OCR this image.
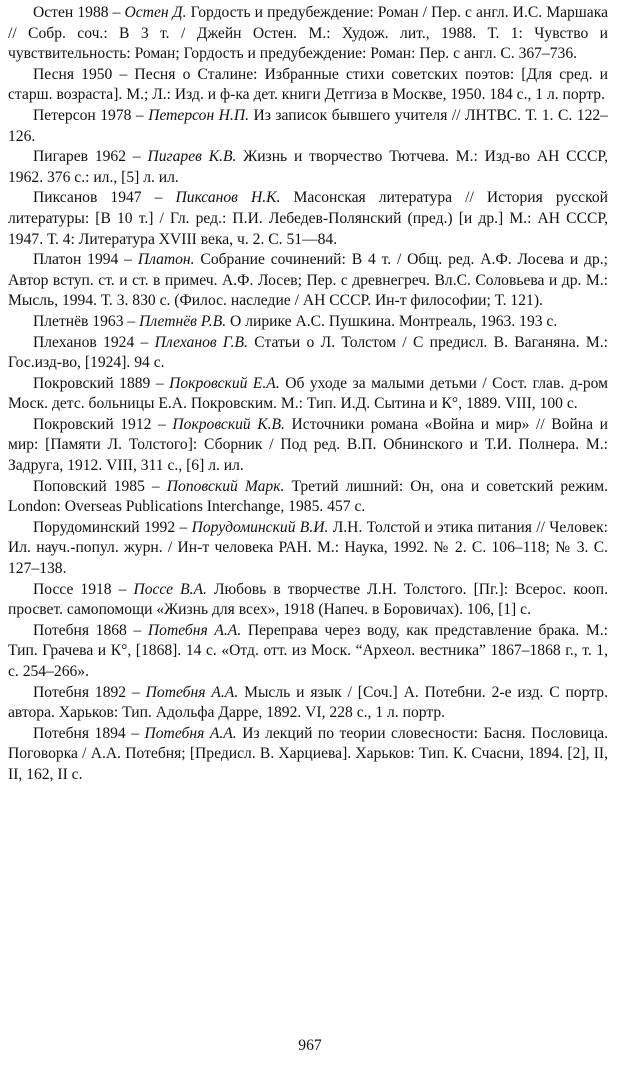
Остен 1988 – Остен Д. Гордость и предубеждение: Роман / Пер. с англ. И.С. Маршака // Собр. соч.: В 3 т. / Джейн Остен. М.: Худож. лит., 1988. Т. 1: Чувство и чувствительность: Роман; Гордость и предубеждение: Роман: Пер. с англ. С. 367–736.

Песня 1950 – Песня о Сталине: Избранные стихи советских поэтов: [Для сред. и старш. возраста]. М.; Л.: Изд. и ф-ка дет. книги Детгиза в Москве, 1950. 184 с., 1 л. портр.

Петерсон 1978 – Петерсон Н.П. Из записок бывшего учителя // ЛНТВС. Т. 1. С. 122–126.

Пигарев 1962 – Пигарев К.В. Жизнь и творчество Тютчева. М.: Изд-во АН СССР, 1962. 376 с.: ил., [5] л. ил.

Пиксанов 1947 – Пиксанов Н.К. Масонская литература // История русской литературы: [В 10 т.] / Гл. ред.: П.И. Лебедев-Полянский (пред.) [и др.] М.: АН СССР, 1947. Т. 4: Литература XVIII века, ч. 2. С. 51—84.

Платон 1994 – Платон. Собрание сочинений: В 4 т. / Общ. ред. А.Ф. Лосева и др.; Автор вступ. ст. и ст. в примеч. А.Ф. Лосев; Пер. с древнегреч. Вл.С. Соловьева и др. М.: Мысль, 1994. Т. 3. 830 с. (Филос. наследие / АН СССР. Ин-т философии; Т. 121).

Плетнёв 1963 – Плетнёв Р.В. О лирике А.С. Пушкина. Монтреаль, 1963. 193 с.

Плеханов 1924 – Плеханов Г.В. Статьи о Л. Толстом / С предисл. В. Ваганяна. М.: Гос.изд-во, [1924]. 94 с.

Покровский 1889 – Покровский Е.А. Об уходе за малыми детьми / Сост. глав. д-ром Моск. детс. больницы Е.А. Покровским. М.: Тип. И.Д. Сытина и К°, 1889. VIII, 100 с.

Покровский 1912 – Покровский К.В. Источники романа «Война и мир» // Война и мир: [Памяти Л. Толстого]: Сборник / Под ред. В.П. Обнинского и Т.И. Полнера. М.: Задруга, 1912. VIII, 311 с., [6] л. ил.

Поповский 1985 – Поповский Марк. Третий лишний: Он, она и советский режим. London: Overseas Publications Interchange, 1985. 457 с.

Порудоминский 1992 – Порудоминский В.И. Л.Н. Толстой и этика питания // Человек: Ил. науч.-попул. журн. / Ин-т человека РАН. М.: Наука, 1992. № 2. С. 106–118; № 3. С. 127–138.

Поссе 1918 – Поссе В.А. Любовь в творчестве Л.Н. Толстого. [Пг.]: Всерос. кооп. просвет. самопомощи «Жизнь для всех», 1918 (Напеч. в Боровичах). 106, [1] с.

Потебня 1868 – Потебня А.А. Переправа через воду, как представление брака. М.: Тип. Грачева и К°, [1868]. 14 с. «Отд. отт. из Моск. “Археол. вестника” 1867–1868 г., т. 1, с. 254–266».

Потебня 1892 – Потебня А.А. Мысль и язык / [Соч.] А. Потебни. 2-е изд. С портр. автора. Харьков: Тип. Адольфа Дарре, 1892. VI, 228 с., 1 л. портр.

Потебня 1894 – Потебня А.А. Из лекций по теории словесности: Басня. Пословица. Поговорка / А.А. Потебня; [Предисл. В. Харциева]. Харьков: Тип. К. Счасни, 1894. [2], II, II, 162, II с.

967
